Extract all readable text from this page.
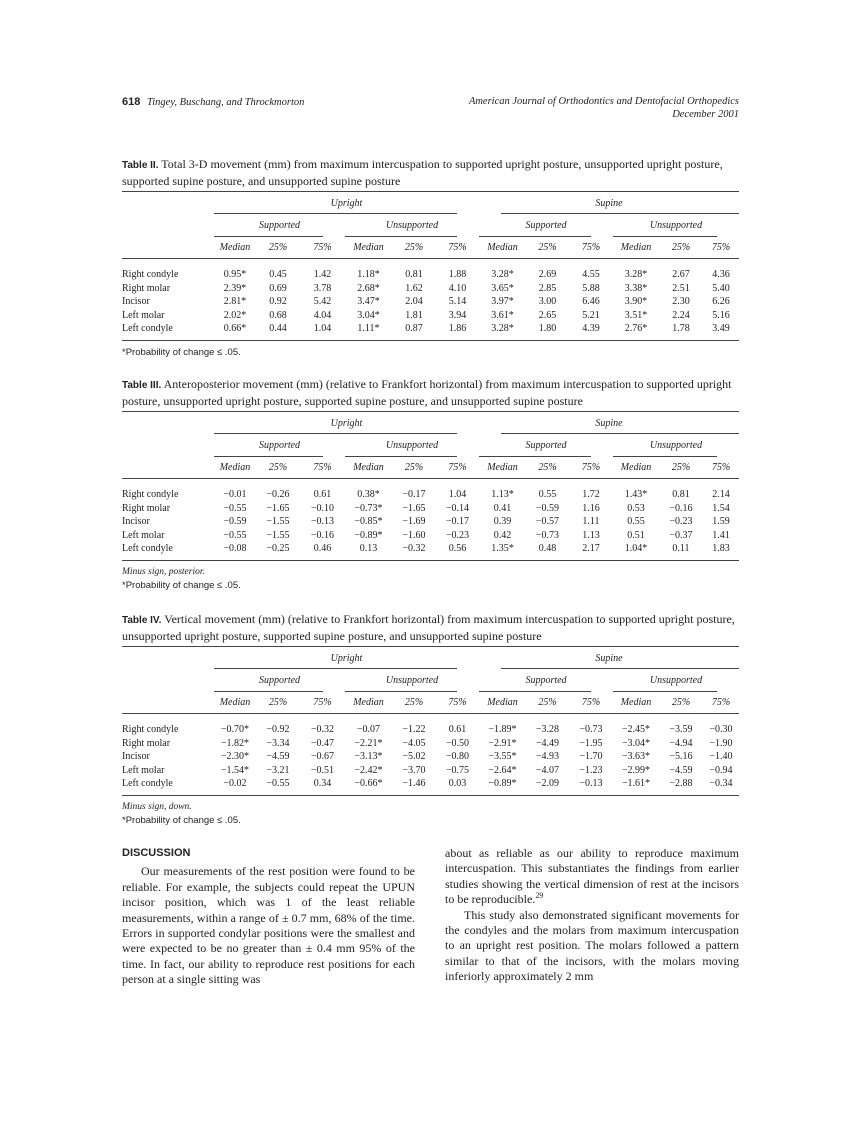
618 Tingey, Buschang, and Throckmorton	American Journal of Orthodontics and Dentofacial Orthopedics
December 2001
Table II. Total 3-D movement (mm) from maximum intercuspation to supported upright posture, unsupported upright posture, supported supine posture, and unsupported supine posture
	Upright						Supine					
	Supported			Unsupported			Supported			Unsupported		
	Median	25%	75%	Median	25%	75%	Median	25%	75%	Median	25%	75%
Right condyle	0.95*	0.45	1.42	1.18*	0.81	1.88	3.28*	2.69	4.55	3.28*	2.67	4.36
Right molar	2.39*	0.69	3.78	2.68*	1.62	4.10	3.65*	2.85	5.88	3.38*	2.51	5.40
Incisor	2.81*	0.92	5.42	3.47*	2.04	5.14	3.97*	3.00	6.46	3.90*	2.30	6.26
Left molar	2.02*	0.68	4.04	3.04*	1.81	3.94	3.61*	2.65	5.21	3.51*	2.24	5.16
Left condyle	0.66*	0.44	1.04	1.11*	0.87	1.86	3.28*	1.80	4.39	2.76*	1.78	3.49
*Probability of change ≤ .05.
Table III. Anteroposterior movement (mm) (relative to Frankfort horizontal) from maximum intercuspation to supported upright posture, unsupported upright posture, supported supine posture, and unsupported supine posture
	Upright						Supine					
	Supported			Unsupported			Supported			Unsupported		
	Median	25%	75%	Median	25%	75%	Median	25%	75%	Median	25%	75%
Right condyle	−0.01	−0.26	0.61	0.38*	−0.17	1.04	1.13*	0.55	1.72	1.43*	0.81	2.14
Right molar	−0.55	−1.65	−0.10	−0.73*	−1.65	−0.14	0.41	−0.59	1.16	0.53	−0.16	1.54
Incisor	−0.59	−1.55	−0.13	−0.85*	−1.69	−0.17	0.39	−0.57	1.11	0.55	−0.23	1.59
Left molar	−0.55	−1.55	−0.16	−0.89*	−1.60	−0.23	0.42	−0.73	1.13	0.51	−0.37	1.41
Left condyle	−0.08	−0.25	0.46	0.13	−0.32	0.56	1.35*	0.48	2.17	1.04*	0.11	1.83
Minus sign, posterior.
*Probability of change ≤ .05.
Table IV. Vertical movement (mm) (relative to Frankfort horizontal) from maximum intercuspation to supported upright posture, unsupported upright posture, supported supine posture, and unsupported supine posture
	Upright						Supine					
	Supported			Unsupported			Supported			Unsupported		
	Median	25%	75%	Median	25%	75%	Median	25%	75%	Median	25%	75%
Right condyle	−0.70*	−0.92	−0.32	−0.07	−1.22	0.61	−1.89*	−3.28	−0.73	−2.45*	−3.59	−0.30
Right molar	−1.82*	−3.34	−0.47	−2.21*	−4.05	−0.50	−2.91*	−4.49	−1.95	−3.04*	−4.94	−1.90
Incisor	−2.30*	−4.59	−0.67	−3.13*	−5.02	−0.80	−3.55*	−4.93	−1.70	−3.63*	−5.16	−1.40
Left molar	−1.54*	−3.21	−0.51	−2.42*	−3.70	−0.75	−2.64*	−4.07	−1.23	−2.99*	−4.59	−0.94
Left condyle	−0.02	−0.55	0.34	−0.66*	−1.46	0.03	−0.89*	−2.09	−0.13	−1.61*	−2.88	−0.34
Minus sign, down.
*Probability of change ≤ .05.
DISCUSSION

Our measurements of the rest position were found to be reliable. For example, the subjects could repeat the UPUN incisor position, which was 1 of the least reliable measurements, within a range of ± 0.7 mm, 68% of the time. Errors in supported condylar positions were the smallest and were expected to be no greater than ± 0.4 mm 95% of the time. In fact, our ability to reproduce rest positions for each person at a single sitting was

about as reliable as our ability to reproduce maximum intercuspation. This substantiates the findings from earlier studies showing the vertical dimension of rest at the incisors to be reproducible.$^{29}$

This study also demonstrated significant movements for the condyles and the molars from maximum intercuspation to an upright rest position. The molars followed a pattern similar to that of the incisors, with the molars moving inferiorly approximately 2 mm
